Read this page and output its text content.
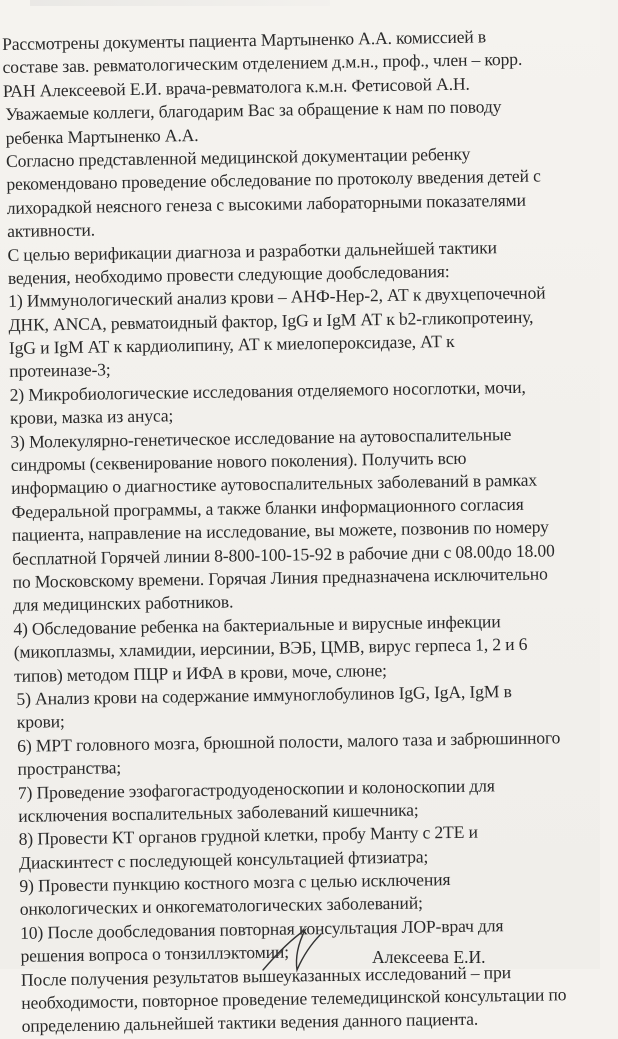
Рассмотрены документы пациента Мартыненко А.А. комиссией в
составе зав. ревматологическим отделением д.м.н., проф., член – корр.
РАН Алексеевой Е.И. врача-ревматолога к.м.н. Фетисовой А.Н.
Уважаемые коллеги, благодарим Вас за обращение к нам по поводу
ребенка Мартыненко А.А.
Согласно представленной медицинской документации ребенку
рекомендовано проведение обследование по протоколу введения детей с
лихорадкой неясного генеза с высокими лабораторными показателями
активности.
С целью верификации диагноза и разработки дальнейшей тактики
ведения, необходимо провести следующие дообследования:
1) Иммунологический анализ крови – АНФ-Hep-2, АТ к двухцепочечной
ДНК, ANCA, ревматоидный фактор, IgG и IgM АТ к b2-гликопротеину,
IgG и IgM АТ к кардиолипину, АТ к миелопероксидазе, АТ к
протеиназе-3;
2) Микробиологические исследования отделяемого носоглотки, мочи,
крови, мазка из ануса;
3) Молекулярно-генетическое исследование на аутовоспалительные
синдромы (секвенирование нового поколения). Получить всю
информацию о диагностике аутовоспалительных заболеваний в рамках
Федеральной программы, а также бланки информационного согласия
пациента, направление на исследование, вы можете, позвонив по номеру
бесплатной Горячей линии 8-800-100-15-92 в рабочие дни с 08.00до 18.00
по Московскому времени. Горячая Линия предназначена исключительно
для медицинских работников.
4) Обследование ребенка на бактериальные и вирусные инфекции
(микоплазмы, хламидии, иерсинии, ВЭБ, ЦМВ, вирус герпеса 1, 2 и 6
типов) методом ПЦР и ИФА в крови, моче, слюне;
5) Анализ крови на содержание иммуноглобулинов IgG, IgA, IgM в
крови;
6) МРТ головного мозга, брюшной полости, малого таза и забрюшинного
пространства;
7) Проведение эзофагогастродуоденоскопии и колоноскопии для
исключения воспалительных заболеваний кишечника;
8) Провести КТ органов грудной клетки, пробу Манту с 2ТЕ и
Диаскинтест с последующей консультацией фтизиатра;
9) Провести пункцию костного мозга с целью исключения
онкологических и онкогематологических заболеваний;
10) После дообследования повторная консультация ЛОР-врач для
решения вопроса о тонзиллэктомии;
После получения результатов вышеуказанных исследований – при
необходимости, повторное проведение телемедицинской консультации по
определению дальнейшей тактики ведения данного пациента.
Алексеева Е.И.
